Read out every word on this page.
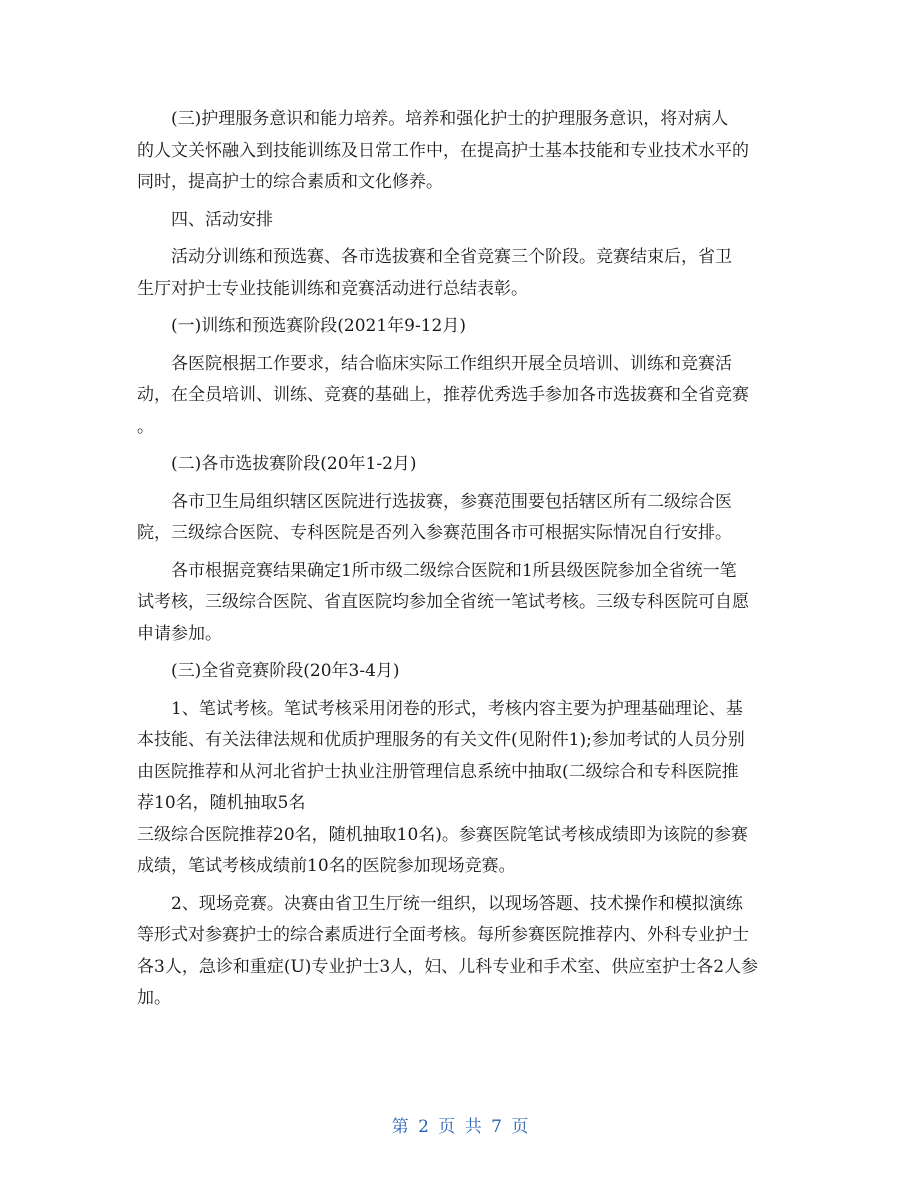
(三)护理服务意识和能力培养。培养和强化护士的护理服务意识，将对病人

的人文关怀融入到技能训练及日常工作中，在提高护士基本技能和专业技术水平的

同时，提高护士的综合素质和文化修养。

四、活动安排

活动分训练和预选赛、各市选拔赛和全省竞赛三个阶段。竞赛结束后，省卫

生厅对护士专业技能训练和竞赛活动进行总结表彰。

(一)训练和预选赛阶段(2021年9-12月)

各医院根据工作要求，结合临床实际工作组织开展全员培训、训练和竞赛活

动，在全员培训、训练、竞赛的基础上，推荐优秀选手参加各市选拔赛和全省竞赛

。

(二)各市选拔赛阶段(20年1-2月)

各市卫生局组织辖区医院进行选拔赛，参赛范围要包括辖区所有二级综合医

院，三级综合医院、专科医院是否列入参赛范围各市可根据实际情况自行安排。

各市根据竞赛结果确定1所市级二级综合医院和1所县级医院参加全省统一笔

试考核，三级综合医院、省直医院均参加全省统一笔试考核。三级专科医院可自愿

申请参加。

(三)全省竞赛阶段(20年3-4月)

1、笔试考核。笔试考核采用闭卷的形式，考核内容主要为护理基础理论、基

本技能、有关法律法规和优质护理服务的有关文件(见附件1);参加考试的人员分别

由医院推荐和从河北省护士执业注册管理信息系统中抽取(二级综合和专科医院推

荐10名，随机抽取5名

三级综合医院推荐20名，随机抽取10名)。参赛医院笔试考核成绩即为该院的参赛

成绩，笔试考核成绩前10名的医院参加现场竞赛。

2、现场竞赛。决赛由省卫生厅统一组织，以现场答题、技术操作和模拟演练

等形式对参赛护士的综合素质进行全面考核。每所参赛医院推荐内、外科专业护士

各3人，急诊和重症(U)专业护士3人，妇、儿科专业和手术室、供应室护士各2人参

加。

第 2 页 共 7 页
